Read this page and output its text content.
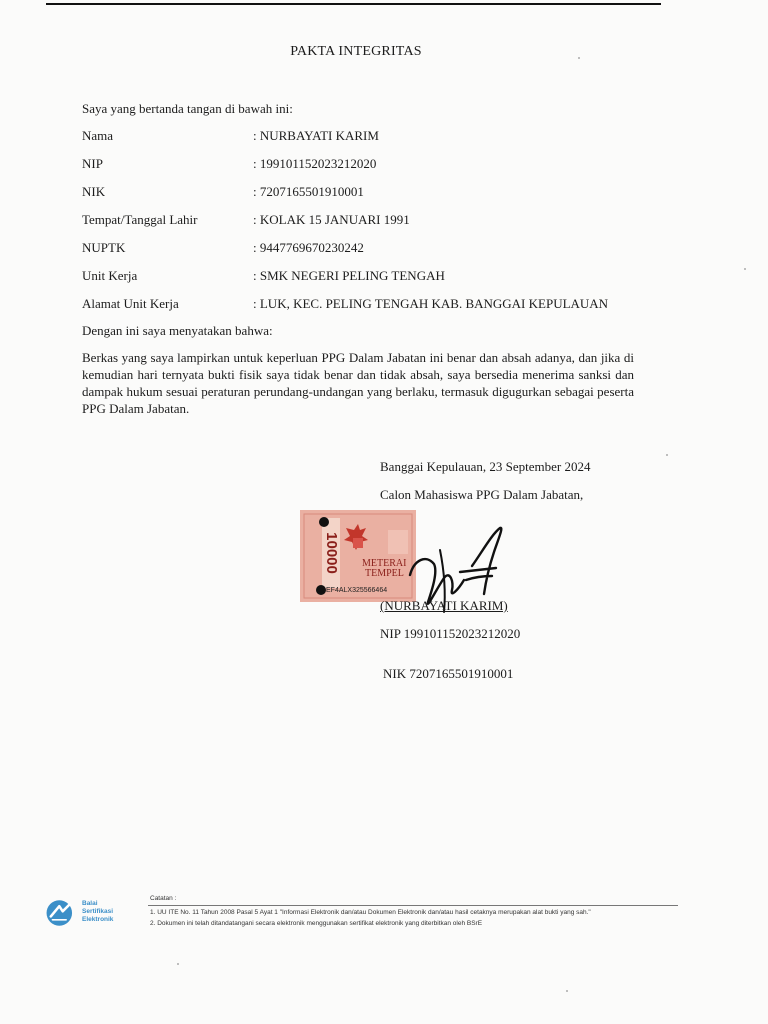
PAKTA INTEGRITAS
Saya yang bertanda tangan di bawah ini:
Nama	: NURBAYATI KARIM
NIP	: 199101152023212020
NIK	: 7207165501910001
Tempat/Tanggal Lahir	: KOLAK 15 JANUARI 1991
NUPTK	: 9447769670230242
Unit Kerja	: SMK NEGERI PELING TENGAH
Alamat Unit Kerja	: LUK, KEC. PELING TENGAH KAB. BANGGAI KEPULAUAN
Dengan ini saya menyatakan bahwa:
Berkas yang saya lampirkan untuk keperluan PPG Dalam Jabatan ini benar dan absah adanya, dan jika di kemudian hari ternyata bukti fisik saya tidak benar dan tidak absah, saya bersedia menerima sanksi dan dampak hukum sesuai peraturan perundang-undangan yang berlaku, termasuk digugurkan sebagai peserta PPG Dalam Jabatan.
Banggai Kepulauan, 23 September 2024
Calon Mahasiswa PPG Dalam Jabatan,
10000 METERAI
TEMPEL
EF4ALX325566464
(NURBAYATI KARIM)
NIP 199101152023212020
NIK 7207165501910001
Balai
Sertifikasi
Elektronik
Catatan :
1. UU ITE No. 11 Tahun 2008 Pasal 5 Ayat 1 "Informasi Elektronik dan/atau Dokumen Elektronik dan/atau hasil cetaknya merupakan alat bukti yang sah."
2. Dokumen ini telah ditandatangani secara elektronik menggunakan sertifikat elektronik yang diterbitkan oleh BSrE
